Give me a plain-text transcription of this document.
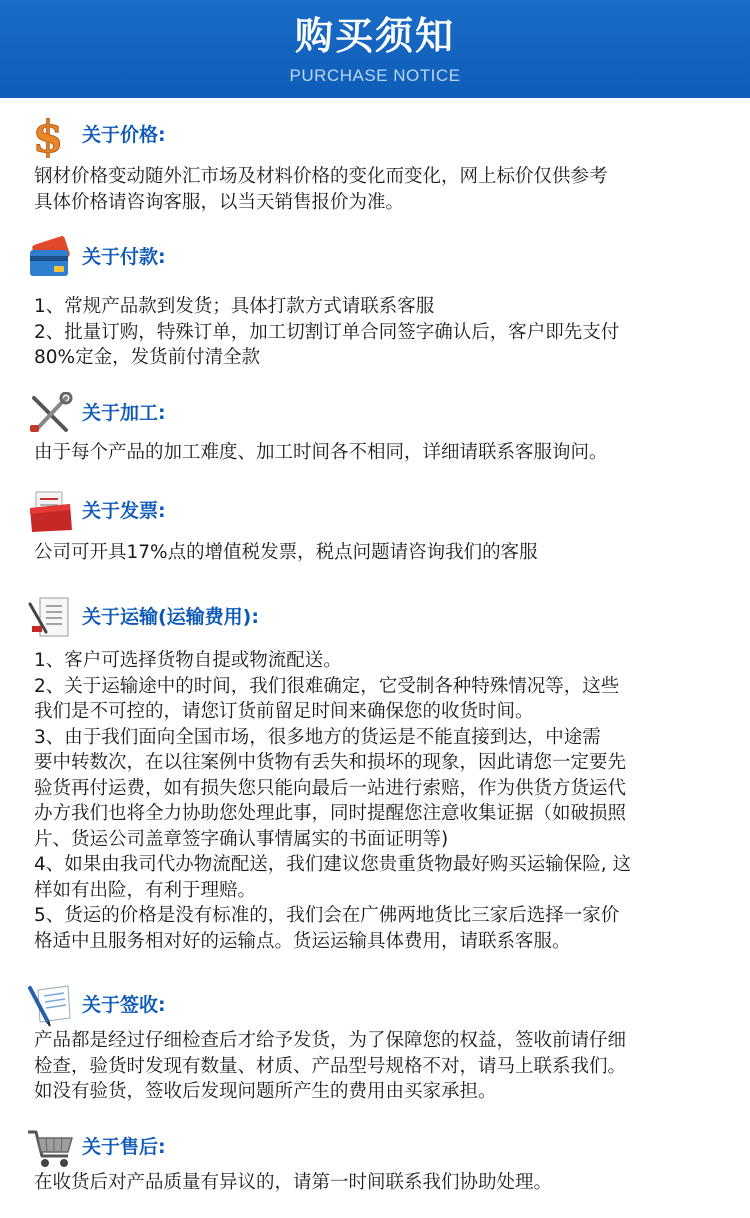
购买须知
PURCHASE NOTICE
$ 关于价格:
钢材价格变动随外汇市场及材料价格的变化而变化，网上标价仅供参考
具体价格请咨询客服，以当天销售报价为准。
关于付款:
1、常规产品款到发货；具体打款方式请联系客服
2、批量订购，特殊订单，加工切割订单合同签字确认后，客户即先支付
80%定金，发货前付清全款
关于加工:
由于每个产品的加工难度、加工时间各不相同，详细请联系客服询问。
关于发票:
公司可开具17%点的增值税发票，税点问题请咨询我们的客服
关于运输(运输费用):
1、客户可选择货物自提或物流配送。
2、关于运输途中的时间，我们很难确定，它受制各种特殊情况等，这些
我们是不可控的，请您订货前留足时间来确保您的收货时间。
3、由于我们面向全国市场，很多地方的货运是不能直接到达，中途需
要中转数次，在以往案例中货物有丢失和损坏的现象，因此请您一定要先
验货再付运费，如有损失您只能向最后一站进行索赔，作为供货方货运代
办方我们也将全力协助您处理此事，同时提醒您注意收集证据（如破损照
片、货运公司盖章签字确认事情属实的书面证明等)
4、如果由我司代办物流配送，我们建议您贵重货物最好购买运输保险, 这
样如有出险，有利于理赔。
5、货运的价格是没有标准的，我们会在广佛两地货比三家后选择一家价
格适中且服务相对好的运输点。货运运输具体费用，请联系客服。
关于签收:
产品都是经过仔细检查后才给予发货，为了保障您的权益，签收前请仔细
检查，验货时发现有数量、材质、产品型号规格不对，请马上联系我们。
如没有验货，签收后发现问题所产生的费用由买家承担。
关于售后:
在收货后对产品质量有异议的，请第一时间联系我们协助处理。
